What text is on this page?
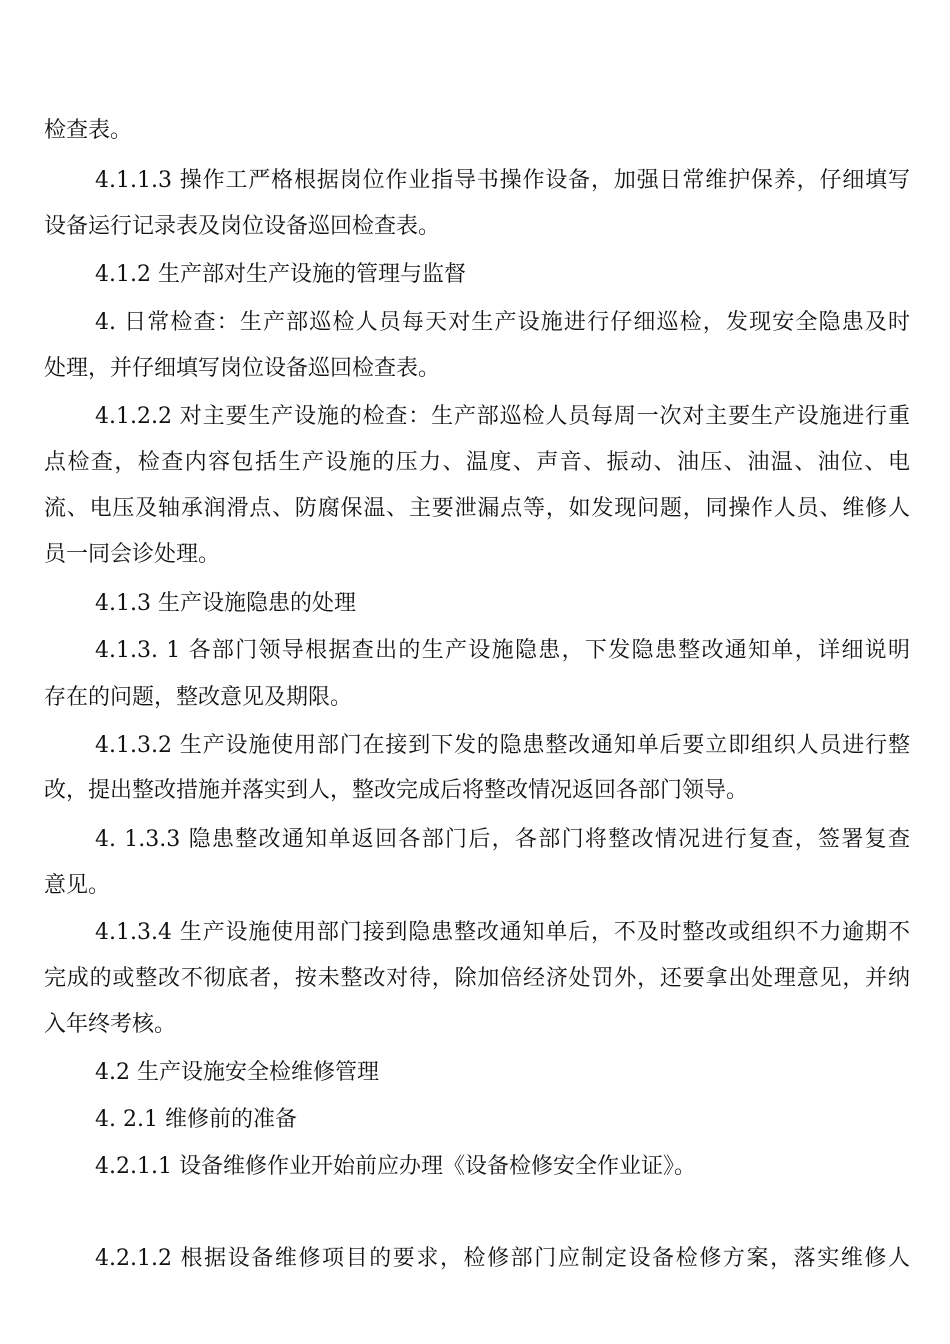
检查表。
4.1.1.3 操作工严格根据岗位作业指导书操作设备，加强日常维护保养，仔细填写
设备运行记录表及岗位设备巡回检查表。
4.1.2 生产部对生产设施的管理与监督
4. 日常检查：生产部巡检人员每天对生产设施进行仔细巡检，发现安全隐患及时
处理，并仔细填写岗位设备巡回检查表。
4.1.2.2 对主要生产设施的检查：生产部巡检人员每周一次对主要生产设施进行重
点检查，检查内容包括生产设施的压力、温度、声音、振动、油压、油温、油位、电
流、电压及轴承润滑点、防腐保温、主要泄漏点等，如发现问题，同操作人员、维修人
员一同会诊处理。
4.1.3 生产设施隐患的处理
4.1.3. 1 各部门领导根据查出的生产设施隐患，下发隐患整改通知单，详细说明
存在的问题，整改意见及期限。
4.1.3.2 生产设施使用部门在接到下发的隐患整改通知单后要立即组织人员进行整
改，提出整改措施并落实到人，整改完成后将整改情况返回各部门领导。
4. 1.3.3 隐患整改通知单返回各部门后，各部门将整改情况进行复查，签署复查
意见。
4.1.3.4 生产设施使用部门接到隐患整改通知单后，不及时整改或组织不力逾期不
完成的或整改不彻底者，按未整改对待，除加倍经济处罚外，还要拿出处理意见，并纳
入年终考核。
4.2 生产设施安全检维修管理
4. 2.1 维修前的准备
4.2.1.1 设备维修作业开始前应办理《设备检修安全作业证》。
4.2.1.2 根据设备维修项目的要求，检修部门应制定设备检修方案，落实维修人
